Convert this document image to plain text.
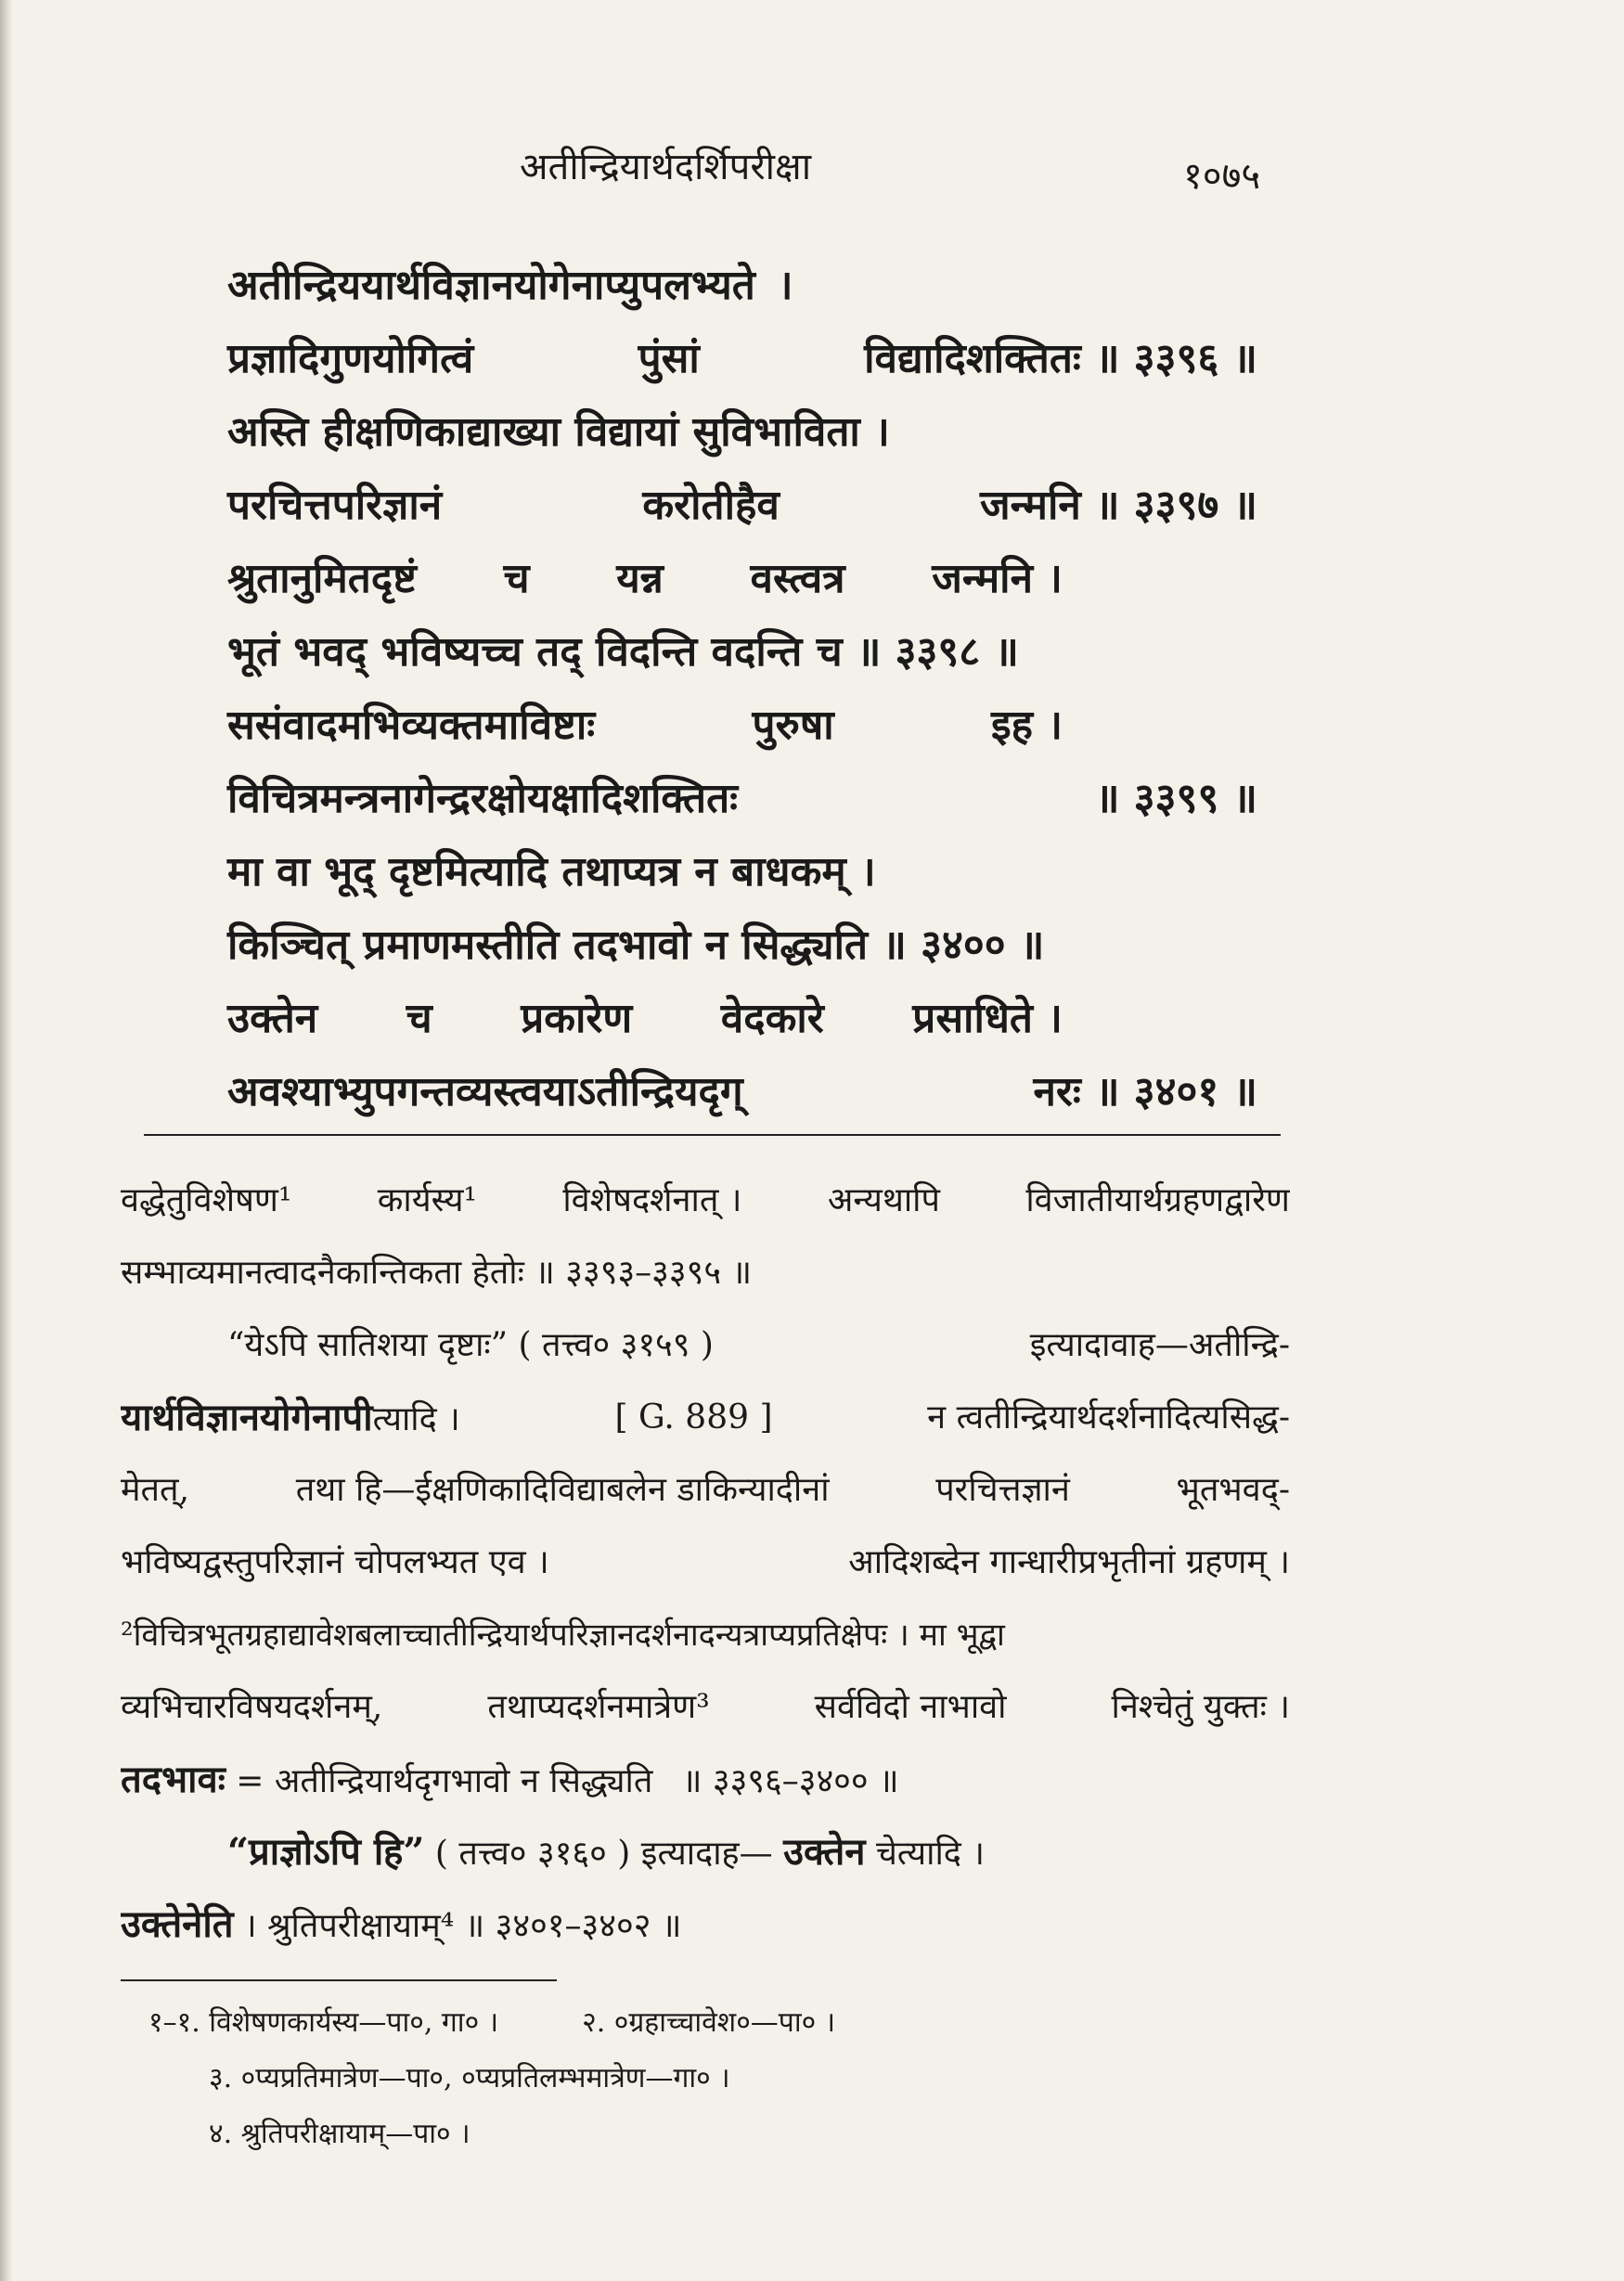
अतीन्द्रियार्थदर्शिपरीक्षा	१०७५
अतीन्द्रिययार्थविज्ञानयोगेनाप्युपलभ्यते ।
प्रज्ञादिगुणयोगित्वं	पुंसां	विद्यादिशक्तितः ॥ ३३९६ ॥
अस्ति हीक्षणिकाद्याख्या विद्यायां सुविभाविता ।
परचित्तपरिज्ञानं	करोतीहैव	जन्मनि ॥ ३३९७ ॥
श्रुतानुमितदृष्टं च यन्न वस्त्वत्र जन्मनि ।
भूतं भवद् भविष्यच्च तद् विदन्ति वदन्ति च ॥ ३३९८ ॥
ससंवादमभिव्यक्तमाविष्टाः	पुरुषा	इह ।
विचित्रमन्त्रनागेन्द्ररक्षोयक्षादिशक्तितः	॥ ३३९९ ॥
मा वा भूद् दृष्टमित्यादि तथाप्यत्र न बाधकम् ।
किञ्चित् प्रमाणमस्तीति तदभावो न सिद्ध्यति ॥ ३४०० ॥
उक्तेन च प्रकारेण वेदकारे प्रसाधिते ।
अवश्याभ्युपगन्तव्यस्त्वयाऽतीन्द्रियदृग्	नरः ॥ ३४०१ ॥
वद्धेतुविशेषण¹	कार्यस्य¹	विशेषदर्शनात् ।	अन्यथापि	विजातीयार्थग्रहणद्वारेण
सम्भाव्यमानत्वादनैकान्तिकता हेतोः ॥ ३३९३–३३९५ ॥
“येऽपि सातिशया दृष्टाः” ( तत्त्व० ३१५९ )	इत्यादावाह—अतीन्द्रि-
यार्थविज्ञानयोगेनापीत्यादि ।	[ G. 889 ]	न त्वतीन्द्रियार्थदर्शनादित्यसिद्ध-
मेतत्,	तथा हि—ईक्षणिकादिविद्याबलेन डाकिन्यादीनां	परचित्तज्ञानं	भूतभवद्-
भविष्यद्वस्तुपरिज्ञानं चोपलभ्यत एव ।	आदिशब्देन गान्धारीप्रभृतीनां ग्रहणम् ।
²विचित्रभूतग्रहाद्यावेशबलाच्चातीन्द्रियार्थपरिज्ञानदर्शनादन्यत्राप्यप्रतिक्षेपः । मा भूद्वा
व्यभिचारविषयदर्शनम्,	तथाप्यदर्शनमात्रेण³	सर्वविदो नाभावो	निश्चेतुं युक्तः ।
तदभावः = अतीन्द्रियार्थदृगभावो न सिद्ध्यति ॥ ३३९६–३४०० ॥
“प्राज्ञोऽपि हि” ( तत्त्व० ३१६० ) इत्यादाह— उक्तेन चेत्यादि ।
उक्तेनेति । श्रुतिपरीक्षायाम्⁴ ॥ ३४०१–३४०२ ॥
१–१. विशेषणकार्यस्य—पा०, गा० ।	२. ०ग्रहाच्चावेश०—पा० ।
३. ०प्यप्रतिमात्रेण—पा०, ०प्यप्रतिलम्भमात्रेण—गा० ।
४. श्रुतिपरीक्षायाम्—पा० ।
